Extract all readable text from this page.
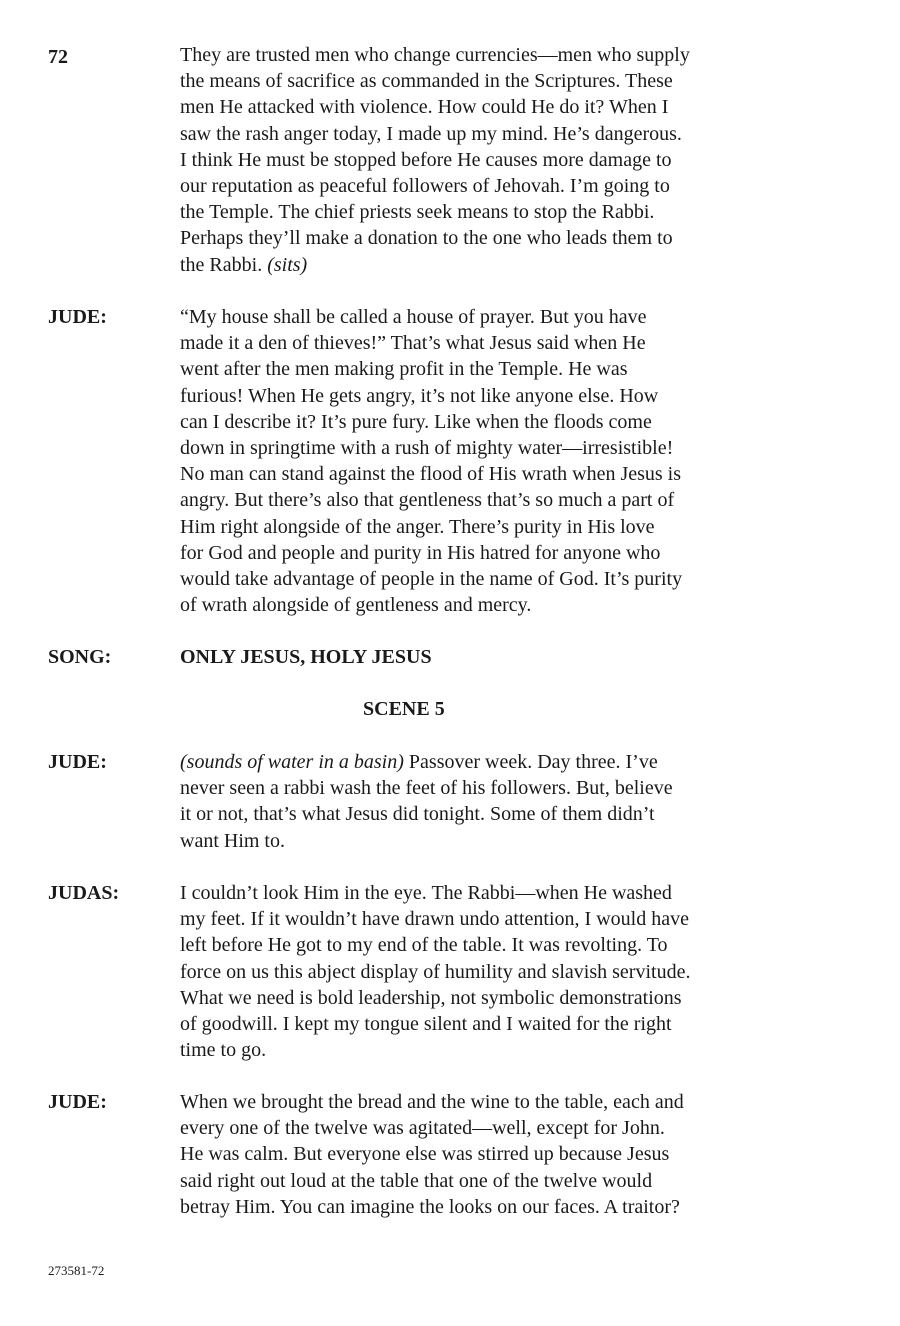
72	They are trusted men who change currencies—men who supply
the means of sacrifice as commanded in the Scriptures. These
men He attacked with violence. How could He do it? When I
saw the rash anger today, I made up my mind. He’s dangerous.
I think He must be stopped before He causes more damage to
our reputation as peaceful followers of Jehovah. I’m going to
the Temple. The chief priests seek means to stop the Rabbi.
Perhaps they’ll make a donation to the one who leads them to
the Rabbi. (sits)
JUDE:	“My house shall be called a house of prayer. But you have
made it a den of thieves!” That’s what Jesus said when He
went after the men making profit in the Temple. He was
furious! When He gets angry, it’s not like anyone else. How
can I describe it? It’s pure fury. Like when the floods come
down in springtime with a rush of mighty water—irresistible!
No man can stand against the flood of His wrath when Jesus is
angry. But there’s also that gentleness that’s so much a part of
Him right alongside of the anger. There’s purity in His love
for God and people and purity in His hatred for anyone who
would take advantage of people in the name of God. It’s purity
of wrath alongside of gentleness and mercy.
SONG:	ONLY JESUS, HOLY JESUS
SCENE 5
JUDE:	(sounds of water in a basin) Passover week. Day three. I’ve
never seen a rabbi wash the feet of his followers. But, believe
it or not, that’s what Jesus did tonight. Some of them didn’t
want Him to.
JUDAS:	I couldn’t look Him in the eye. The Rabbi—when He washed
my feet. If it wouldn’t have drawn undo attention, I would have
left before He got to my end of the table. It was revolting. To
force on us this abject display of humility and slavish servitude.
What we need is bold leadership, not symbolic demonstrations
of goodwill. I kept my tongue silent and I waited for the right
time to go.
JUDE:	When we brought the bread and the wine to the table, each and
every one of the twelve was agitated—well, except for John.
He was calm. But everyone else was stirred up because Jesus
said right out loud at the table that one of the twelve would
betray Him. You can imagine the looks on our faces. A traitor?
273581-72
